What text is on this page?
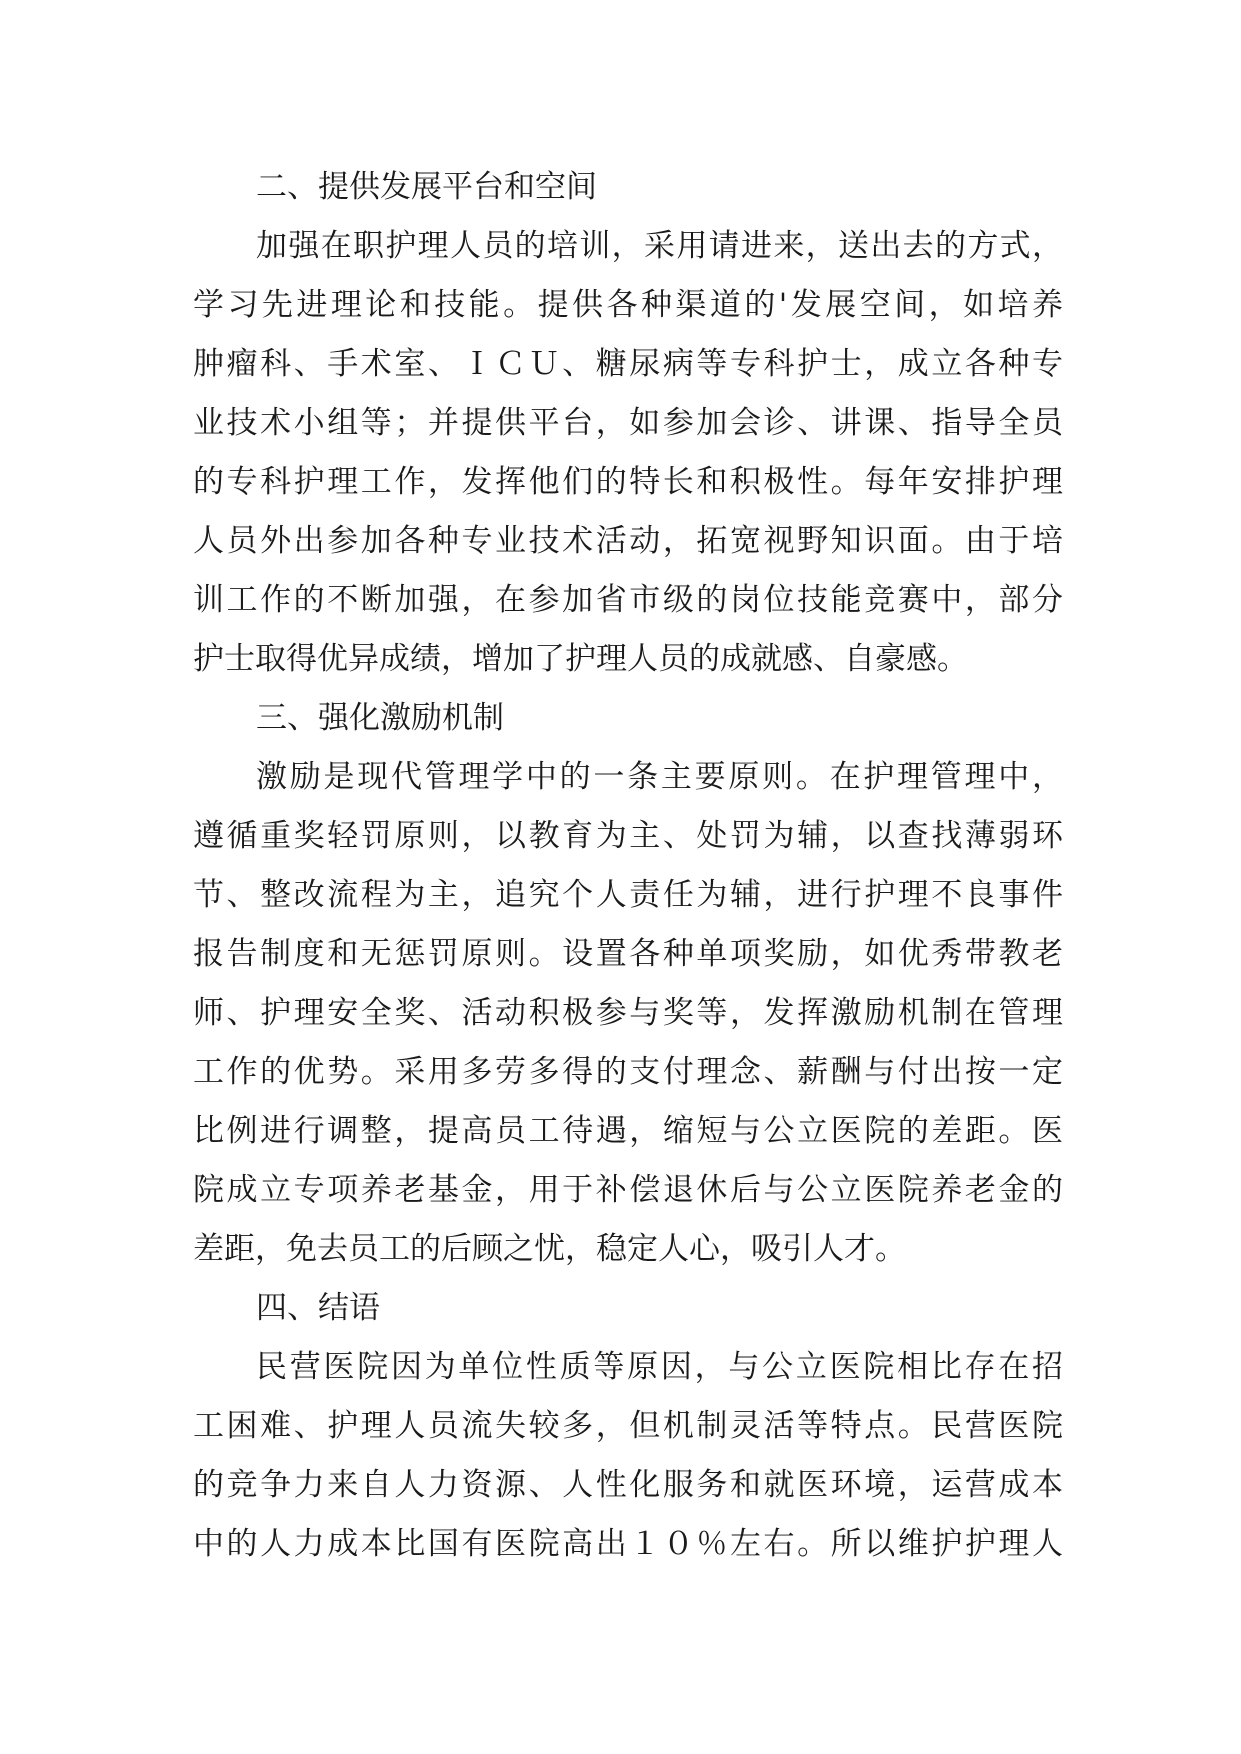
二、提供发展平台和空间
加强在职护理人员的培训，采用请进来，送出去的方式，
学习先进理论和技能。提供各种渠道的'发展空间，如培养
肿瘤科、手术室、ＩＣＵ、糖尿病等专科护士，成立各种专
业技术小组等；并提供平台，如参加会诊、讲课、指导全员
的专科护理工作，发挥他们的特长和积极性。每年安排护理
人员外出参加各种专业技术活动，拓宽视野知识面。由于培
训工作的不断加强，在参加省市级的岗位技能竞赛中，部分
护士取得优异成绩，增加了护理人员的成就感、自豪感。
三、强化激励机制
激励是现代管理学中的一条主要原则。在护理管理中，
遵循重奖轻罚原则，以教育为主、处罚为辅，以查找薄弱环
节、整改流程为主，追究个人责任为辅，进行护理不良事件
报告制度和无惩罚原则。设置各种单项奖励，如优秀带教老
师、护理安全奖、活动积极参与奖等，发挥激励机制在管理
工作的优势。采用多劳多得的支付理念、薪酬与付出按一定
比例进行调整，提高员工待遇，缩短与公立医院的差距。医
院成立专项养老基金，用于补偿退休后与公立医院养老金的
差距，免去员工的后顾之忧，稳定人心，吸引人才。
四、结语
民营医院因为单位性质等原因，与公立医院相比存在招
工困难、护理人员流失较多，但机制灵活等特点。民营医院
的竞争力来自人力资源、人性化服务和就医环境，运营成本
中的人力成本比国有医院高出１０％左右。所以维护护理人
